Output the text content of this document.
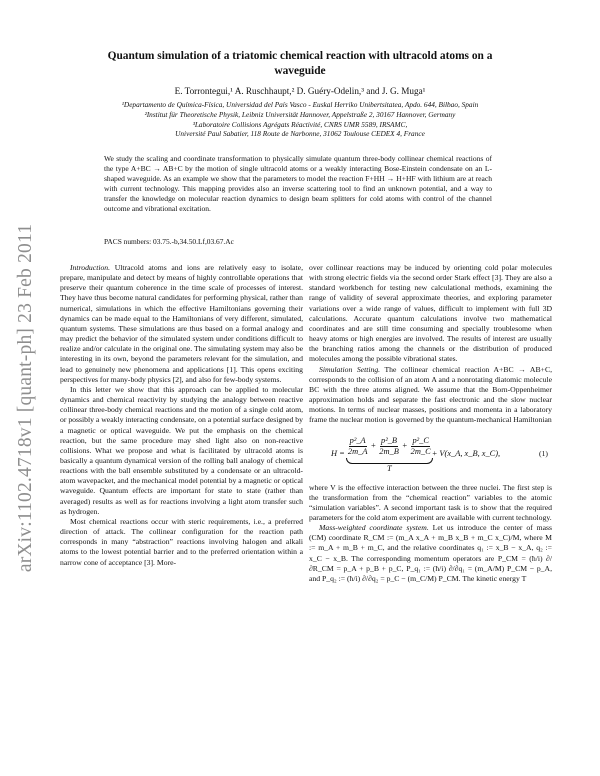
arXiv:1102.4718v1 [quant-ph] 23 Feb 2011
Quantum simulation of a triatomic chemical reaction with ultracold atoms on a
waveguide
E. Torrontegui,¹ A. Ruschhaupt,² D. Guéry-Odelin,³ and J. G. Muga¹
¹Departamento de Química-Física, Universidad del País Vasco - Euskal Herriko Unibertsitatea, Apdo. 644, Bilbao, Spain
²Institut für Theoretische Physik, Leibniz Universität Hannover, Appelstraße 2, 30167 Hannover, Germany
³Laboratoire Collisions Agrégats Réactivité, CNRS UMR 5589, IRSAMC,
Université Paul Sabatier, 118 Route de Narbonne, 31062 Toulouse CEDEX 4, France
We study the scaling and coordinate transformation to physically simulate quantum three-body collinear chemical reactions of the type A+BC → AB+C by the motion of single ultracold atoms or a weakly interacting Bose-Einstein condensate on an L-shaped waveguide. As an example we show that the parameters to model the reaction F+HH → H+HF with lithium are at reach with current technology. This mapping provides also an inverse scattering tool to find an unknown potential, and a way to transfer the knowledge on molecular reaction dynamics to design beam splitters for cold atoms with control of the channel outcome and vibrational excitation.
PACS numbers: 03.75.-b,34.50.Lf,03.67.Ac

Introduction. Ultracold atoms and ions are relatively easy to isolate, prepare, manipulate and detect by means of highly controllable operations that preserve their quantum coherence in the time scale of processes of interest. They have thus become natural candidates for performing physical, rather than numerical, simulations in which the effective Hamiltonians governing their dynamics can be made equal to the Hamiltonians of very different, simulated, quantum systems. These simulations are thus based on a formal analogy and may predict the behavior of the simulated system under conditions difficult to realize and/or calculate in the original one. The simulating system may also be interesting in its own, beyond the parameters relevant for the simulation, and lead to genuinely new phenomena and applications [1]. This opens exciting perspectives for many-body physics [2], and also for few-body systems.

In this letter we show that this approach can be applied to molecular dynamics and chemical reactivity by studying the analogy between reactive collinear three-body chemical reactions and the motion of a single cold atom, or possibly a weakly interacting condensate, on a potential surface designed by a magnetic or optical waveguide. We put the emphasis on the chemical reaction, but the same procedure may shed light also on non-reactive collisions. What we propose and what is facilitated by ultracold atoms is basically a quantum dynamical version of the rolling ball analogy of chemical reactions with the ball ensemble substituted by a condensate or an ultracold-atom wavepacket, and the mechanical model potential by a magnetic or optical waveguide. Quantum effects are important for state to state (rather than averaged) results as well as for reactions involving a light atom transfer such as hydrogen.

Most chemical reactions occur with steric requirements, i.e., a preferred direction of attack. The collinear configuration for the reaction path corresponds in many “abstraction” reactions involving halogen and alkali atoms to the lowest potential barrier and to the preferred orientation within a narrow cone of acceptance [3]. More-

over collinear reactions may be induced by orienting cold polar molecules with strong electric fields via the second order Stark effect [3]. They are also a standard workbench for testing new calculational methods, examining the range of validity of several approximate theories, and exploring parameter variations over a wide range of values, difficult to implement with full 3D calculations. Accurate quantum calculations involve two mathematical coordinates and are still time consuming and specially troublesome when heavy atoms or high energies are involved. The results of interest are usually the branching ratios among the channels or the distribution of produced molecules among the possible vibrational states.

Simulation Setting. The collinear chemical reaction A+BC → AB+C, corresponds to the collision of an atom A and a nonrotating diatomic molecule BC with the three atoms aligned. We assume that the Born-Oppenheimer approximation holds and separate the fast electronic and the slow nuclear motions. In terms of nuclear masses, positions and momenta in a laboratory frame the nuclear motion is governed by the quantum-mechanical Hamiltonian

H =
$\frac{\text{p²\_A}}{2m\_A} + \frac{\text{p²\_B}}{2m\_B} + \frac{\text{p²\_C}}{2m\_C}$
T
+ V(x_A, x_B, x_C),	(1)

where V is the effective interaction between the three nuclei. The first step is the transformation from the “chemical reaction” variables to the atomic “simulation variables”. A second important task is to show that the required parameters for the cold atom experiment are available with current technology.

Mass-weighted coordinate system. Let us introduce the center of mass (CM) coordinate R_CM := (m_A x_A + m_B x_B + m_C x_C)/M, where M := m_A + m_B + m_C, and the relative coordinates q₁ := x_B − x_A, q₂ := x_C − x_B. The corresponding momentum operators are P_CM = (ħ/i) ∂/∂R_CM = p_A + p_B + p_C, P_q₁ := (ħ/i) ∂/∂q₁ = (m_A/M) P_CM − p_A, and P_q₂ := (ħ/i) ∂/∂q₂ = p_C − (m_C/M) P_CM. The kinetic energy T
